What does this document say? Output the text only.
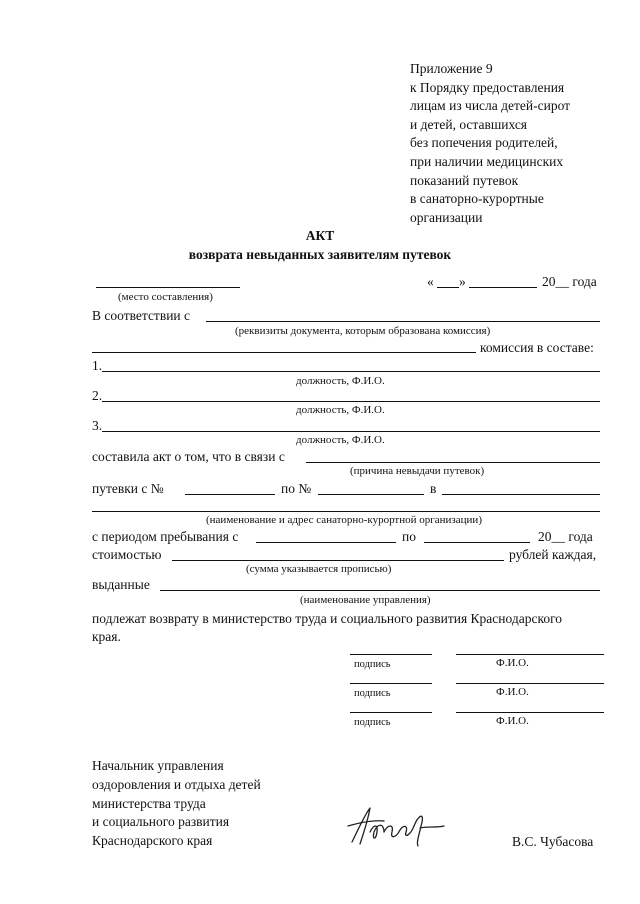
Приложение 9
к Порядку предоставления
лицам из числа детей-сирот
и детей, оставшихся
без попечения родителей,
при наличии медицинских
показаний путевок
в санаторно-курортные
организации
АКТ
возврата невыданных заявителям путевок
« »	20__ года
(место составления)
В соответствии с
(реквизиты документа, которым образована комиссия)
комиссия в составе:
1.
должность, Ф.И.О.
2.
должность, Ф.И.О.
3.
должность, Ф.И.О.
составила акт о том, что в связи с
(причина невыдачи путевок)
путевки с №	по №	в
(наименование и адрес санаторно-курортной организации)
с периодом пребывания с	по	20__ года
стоимостью	рублей каждая,
(сумма указывается прописью)
выданные
(наименование управления)
подлежат возврату в министерство труда и социального развития Краснодарского
края.
подпись	Ф.И.О.
подпись	Ф.И.О.
подпись	Ф.И.О.
Начальник управления
оздоровления и отдыха детей
министерства труда
и социального развития
Краснодарского края	В.С. Чубасова
